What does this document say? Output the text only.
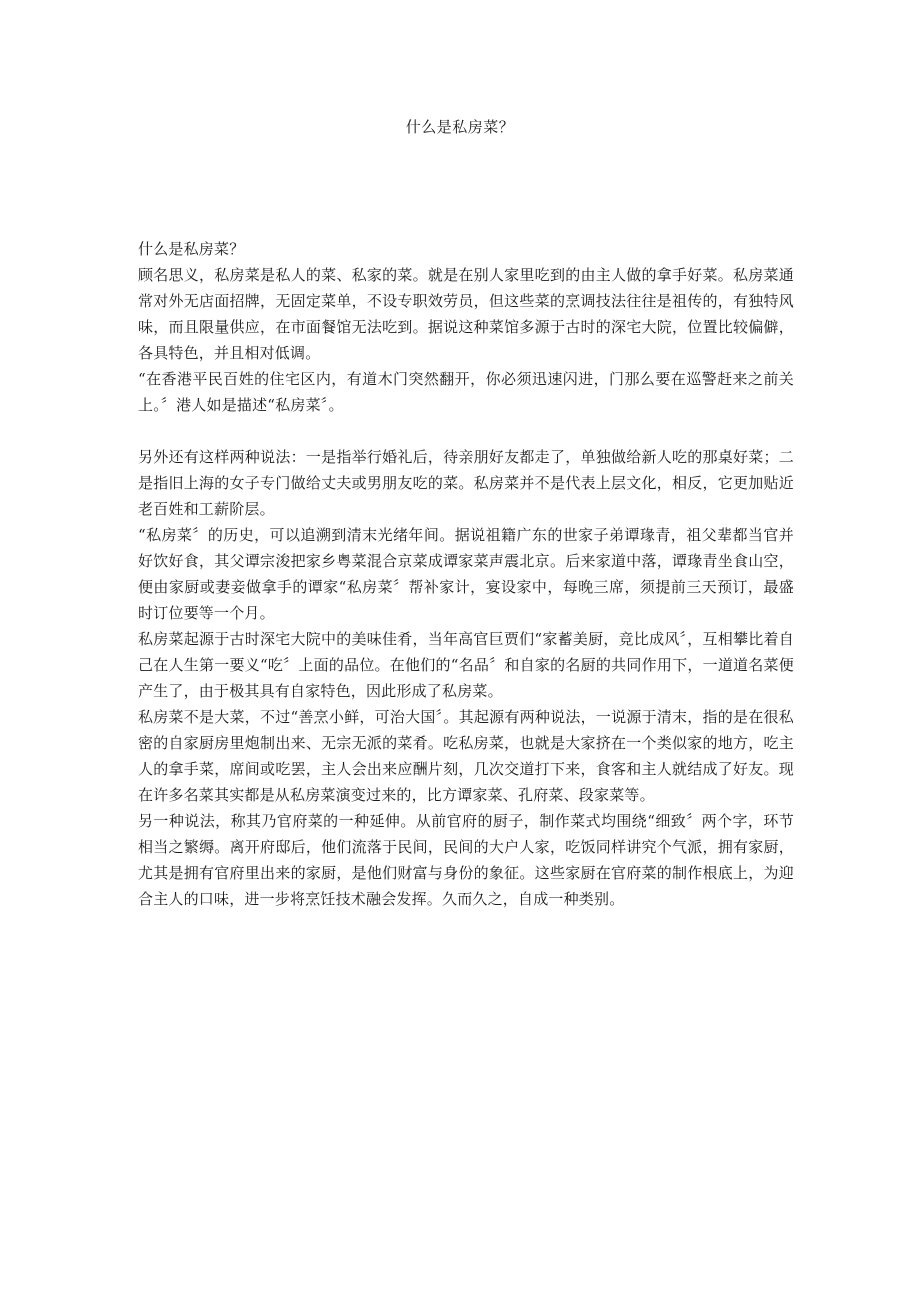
什么是私房菜？

什么是私房菜？

顾名思义，私房菜是私人的菜、私家的菜。就是在别人家里吃到的由主人做的拿手好菜。私房菜通常对外无店面招牌，无固定菜单，不设专职效劳员，但这些菜的烹调技法往往是祖传的，有独特风味，而且限量供应，在市面餐馆无法吃到。据说这种菜馆多源于古时的深宅大院，位置比较偏僻，各具特色，并且相对低调。

“在香港平民百姓的住宅区内，有道木门突然翻开，你必须迅速闪进，门那么要在巡警赶来之前关上。〞港人如是描述“私房菜〞。

另外还有这样两种说法：一是指举行婚礼后，待亲朋好友都走了，单独做给新人吃的那桌好菜；二是指旧上海的女子专门做给丈夫或男朋友吃的菜。私房菜并不是代表上层文化，相反，它更加贴近老百姓和工薪阶层。

“私房菜〞的历史，可以追溯到清末光绪年间。据说祖籍广东的世家子弟谭瑑青，祖父辈都当官并好饮好食，其父谭宗浚把家乡粤菜混合京菜成谭家菜声震北京。后来家道中落，谭瑑青坐食山空，便由家厨或妻妾做拿手的谭家“私房菜〞帮补家计，宴设家中，每晚三席，须提前三天预订，最盛时订位要等一个月。

私房菜起源于古时深宅大院中的美味佳肴，当年高官巨贾们“家蓄美厨，竞比成风〞，互相攀比着自己在人生第一要义“吃〞上面的品位。在他们的“名品〞和自家的名厨的共同作用下，一道道名菜便产生了，由于极其具有自家特色，因此形成了私房菜。

私房菜不是大菜，不过“善烹小鲜，可治大国〞。其起源有两种说法，一说源于清末，指的是在很私密的自家厨房里炮制出来、无宗无派的菜肴。吃私房菜，也就是大家挤在一个类似家的地方，吃主人的拿手菜，席间或吃罢，主人会出来应酬片刻，几次交道打下来，食客和主人就结成了好友。现在许多名菜其实都是从私房菜演变过来的，比方谭家菜、孔府菜、段家菜等。

另一种说法，称其乃官府菜的一种延伸。从前官府的厨子，制作菜式均围绕“细致〞两个字，环节相当之繁缛。离开府邸后，他们流落于民间，民间的大户人家，吃饭同样讲究个气派，拥有家厨，尤其是拥有官府里出来的家厨，是他们财富与身份的象征。这些家厨在官府菜的制作根底上，为迎合主人的口味，进一步将烹饪技术融会发挥。久而久之，自成一种类别。
